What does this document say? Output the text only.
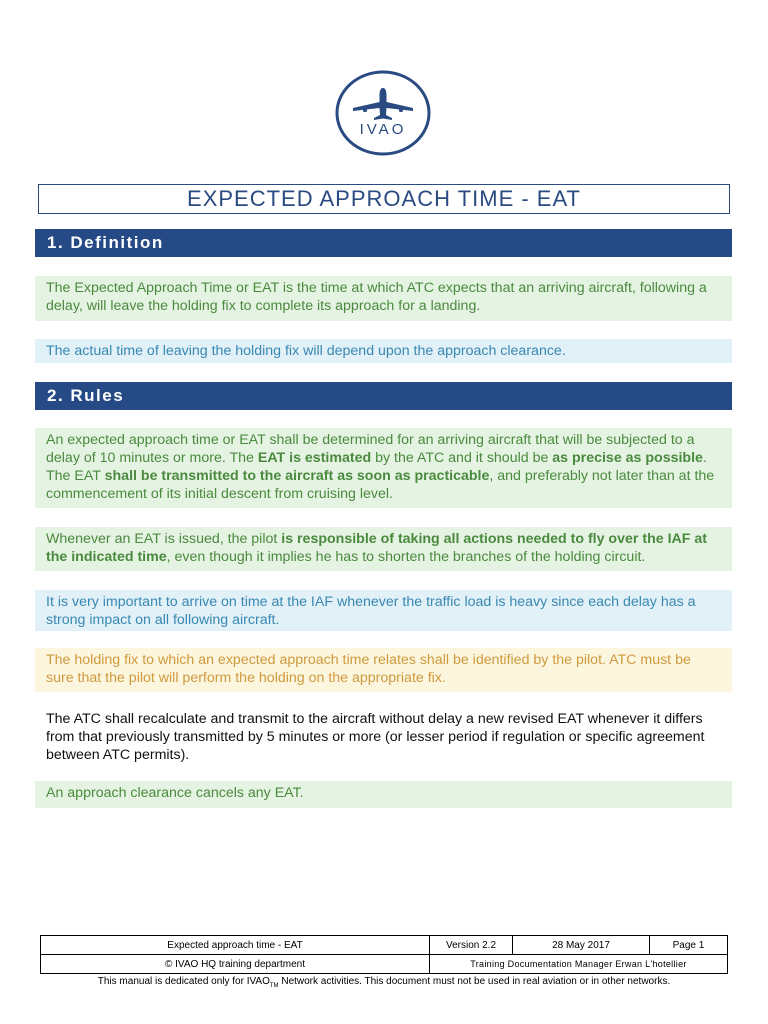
IVAO
EXPECTED APPROACH TIME - EAT
1. Definition
The Expected Approach Time or EAT is the time at which ATC expects that an arriving aircraft, following a delay, will leave the holding fix to complete its approach for a landing.
The actual time of leaving the holding fix will depend upon the approach clearance.
2. Rules
An expected approach time or EAT shall be determined for an arriving aircraft that will be subjected to a delay of 10 minutes or more. The EAT is estimated by the ATC and it should be as precise as possible. The EAT shall be transmitted to the aircraft as soon as practicable, and preferably not later than at the commencement of its initial descent from cruising level.
Whenever an EAT is issued, the pilot is responsible of taking all actions needed to fly over the IAF at the indicated time, even though it implies he has to shorten the branches of the holding circuit.
It is very important to arrive on time at the IAF whenever the traffic load is heavy since each delay has a strong impact on all following aircraft.
The holding fix to which an expected approach time relates shall be identified by the pilot. ATC must be sure that the pilot will perform the holding on the appropriate fix.
The ATC shall recalculate and transmit to the aircraft without delay a new revised EAT whenever it differs from that previously transmitted by 5 minutes or more (or lesser period if regulation or specific agreement between ATC permits).
An approach clearance cancels any EAT.
Expected approach time - EAT	Version 2.2	28 May 2017	Page 1
© IVAO HQ training department	Training Documentation Manager Erwan L'hotellier		
This manual is dedicated only for $IVAO_{TM}$ Network activities. This document must not be used in real aviation or in other networks.
